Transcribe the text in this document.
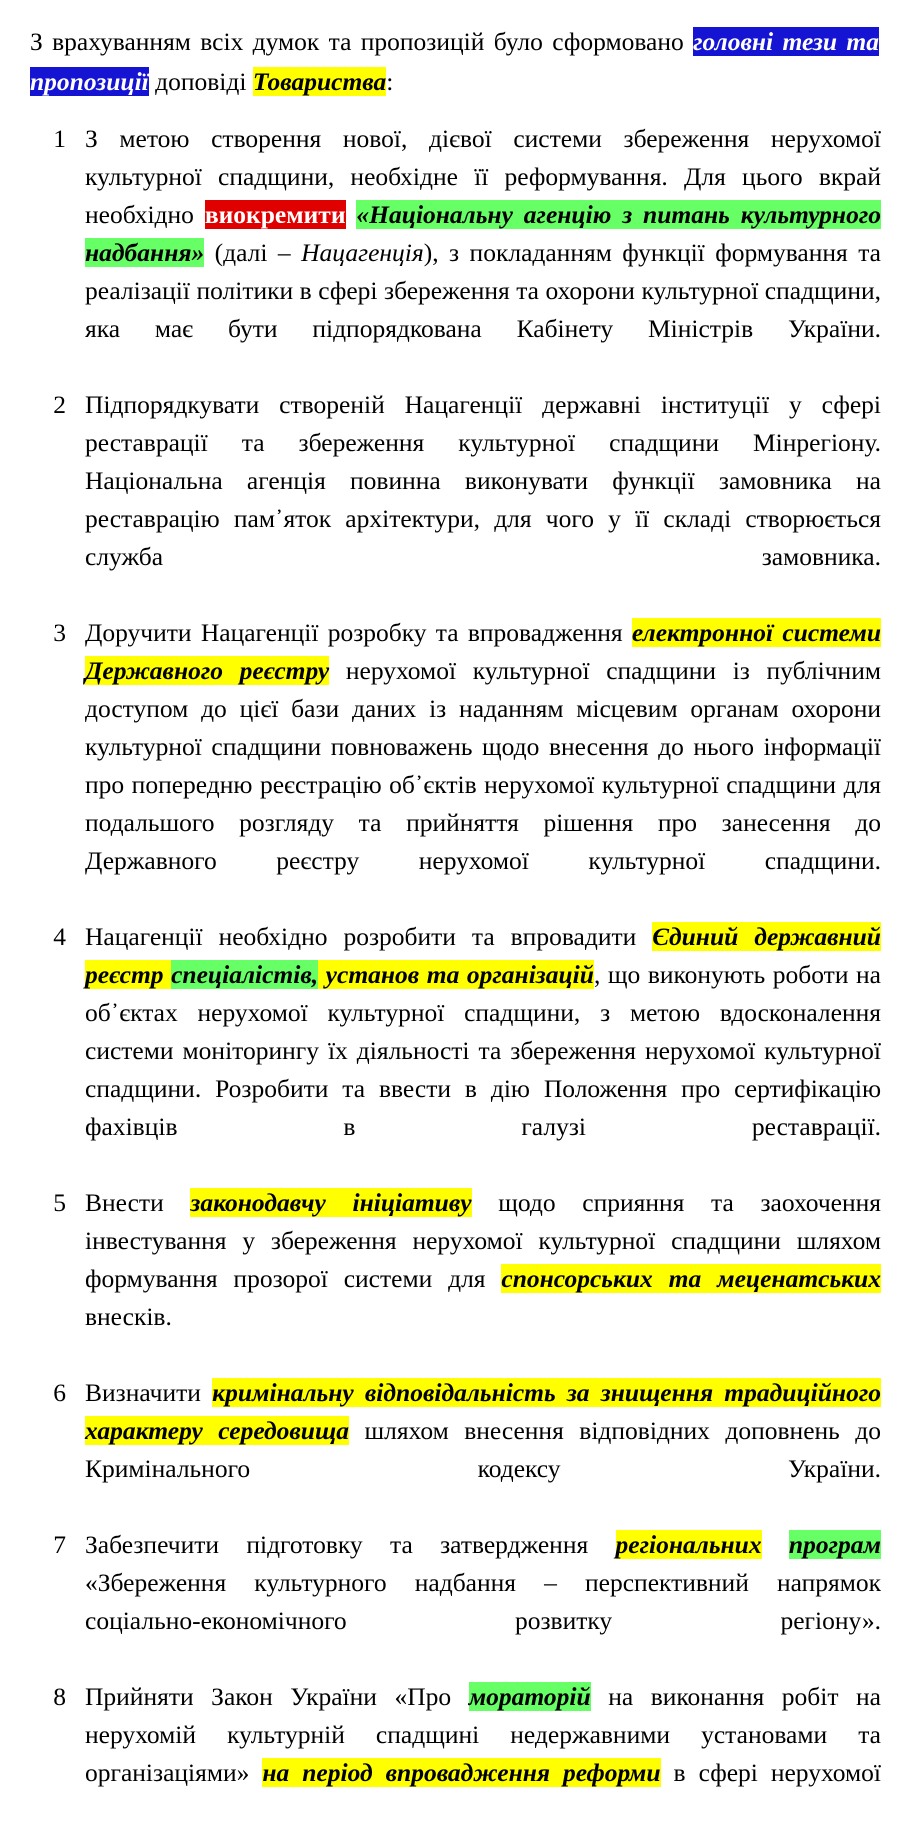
З врахуванням всіх думок та пропозицій було сформовано головні тези та пропозиції доповіді Товариства:

1 З метою створення нової, дієвої системи збереження нерухомої культурної спадщини, необхідне її реформування. Для цього вкрай необхідно виокремити «Національну агенцію з питань культурного надбання» (далі – Нацагенція), з покладанням функції формування та реалізації політики в сфері збереження та охорони культурної спадщини, яка має бути підпорядкована Кабінету Міністрів України.
2 Підпорядкувати створеній Нацагенції державні інституції у сфері реставрації та збереження культурної спадщини Мінрегіону. Національна агенція повинна виконувати функції замовника на реставрацію пам᾽яток архітектури, для чого у її складі створюється служба замовника.
3 Доручити Нацагенції розробку та впровадження електронної системи Державного реєстру нерухомої культурної спадщини із публічним доступом до цієї бази даних із наданням місцевим органам охорони культурної спадщини повноважень щодо внесення до нього інформації про попередню реєстрацію об᾽єктів нерухомої культурної спадщини для подальшого розгляду та прийняття рішення про занесення до Державного реєстру нерухомої культурної спадщини.
4 Нацагенції необхідно розробити та впровадити Єдиний державний реєстр спеціалістів, установ та організацій, що виконують роботи на об᾽єктах нерухомої культурної спадщини, з метою вдосконалення системи моніторингу їх діяльності та збереження нерухомої культурної спадщини. Розробити та ввести в дію Положення про сертифікацію фахівців в галузі реставрації.
5 Внести законодавчу ініціативу щодо сприяння та заохочення інвестування у збереження нерухомої культурної спадщини шляхом формування прозорої системи для спонсорських та меценатських внесків.
6 Визначити кримінальну відповідальність за знищення традиційного характеру середовища шляхом внесення відповідних доповнень до Кримінального кодексу України.
7 Забезпечити підготовку та затвердження регіональних програм «Збереження культурного надбання – перспективний напрямок соціально-економічного розвитку регіону».
8 Прийняти Закон України «Про мораторій на виконання робіт на нерухомій культурній спадщині недержавними установами та організаціями» на період впровадження реформи в сфері нерухомої
